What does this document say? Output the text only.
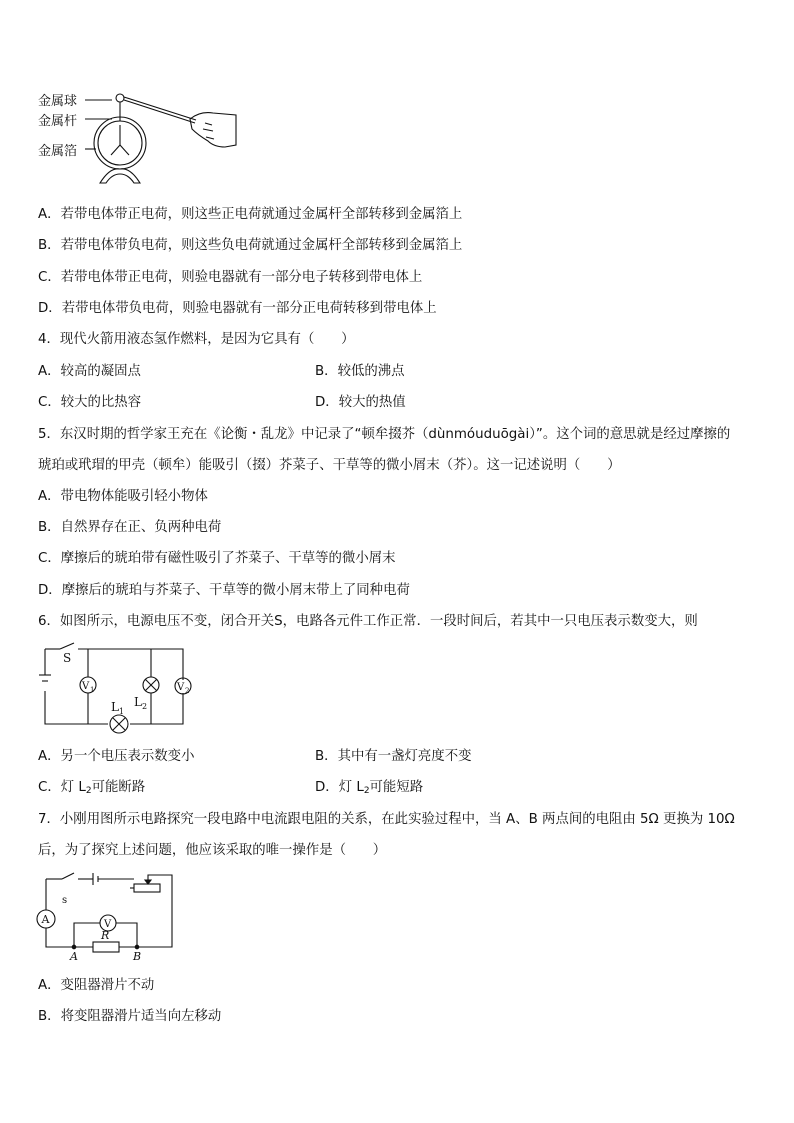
金属球
金属杆
金属箔
A．若带电体带正电荷，则这些正电荷就通过金属杆全部转移到金属箔上
B．若带电体带负电荷，则这些负电荷就通过金属杆全部转移到金属箔上
C．若带电体带正电荷，则验电器就有一部分电子转移到带电体上
D．若带电体带负电荷，则验电器就有一部分正电荷转移到带电体上
4．现代火箭用液态氢作燃料，是因为它具有（　　）
A．较高的凝固点	B．较低的沸点
C．较大的比热容	D．较大的热值
5．东汉时期的哲学家王充在《论衡・乱龙》中记录了“顿牟掇芥（dùnmóuduōgài）”。这个词的意思就是经过摩擦的
琥珀或玳瑁的甲壳（顿牟）能吸引（掇）芥菜子、干草等的微小屑末（芥）。这一记述说明（　　）
A．带电物体能吸引轻小物体
B．自然界存在正、负两种电荷
C．摩擦后的琥珀带有磁性吸引了芥菜子、干草等的微小屑末
D．摩擦后的琥珀与芥菜子、干草等的微小屑末带上了同种电荷
6．如图所示，电源电压不变，闭合开关S，电路各元件工作正常．一段时间后，若其中一只电压表示数变大，则
S
V 1	V 2
L 2
L 1
A．另一个电压表示数变小	B．其中有一盏灯亮度不变
C．灯 $L_2$可能断路	D．灯 $L_2$可能短路
7．小刚用图所示电路探究一段电路中电流跟电阻的关系，在此实验过程中，当 A、B 两点间的电阻由 5Ω 更换为 10Ω
后，为了探究上述问题，他应该采取的唯一操作是（　　）
s
A	V
R
A	B
A．变阻器滑片不动
B．将变阻器滑片适当向左移动
